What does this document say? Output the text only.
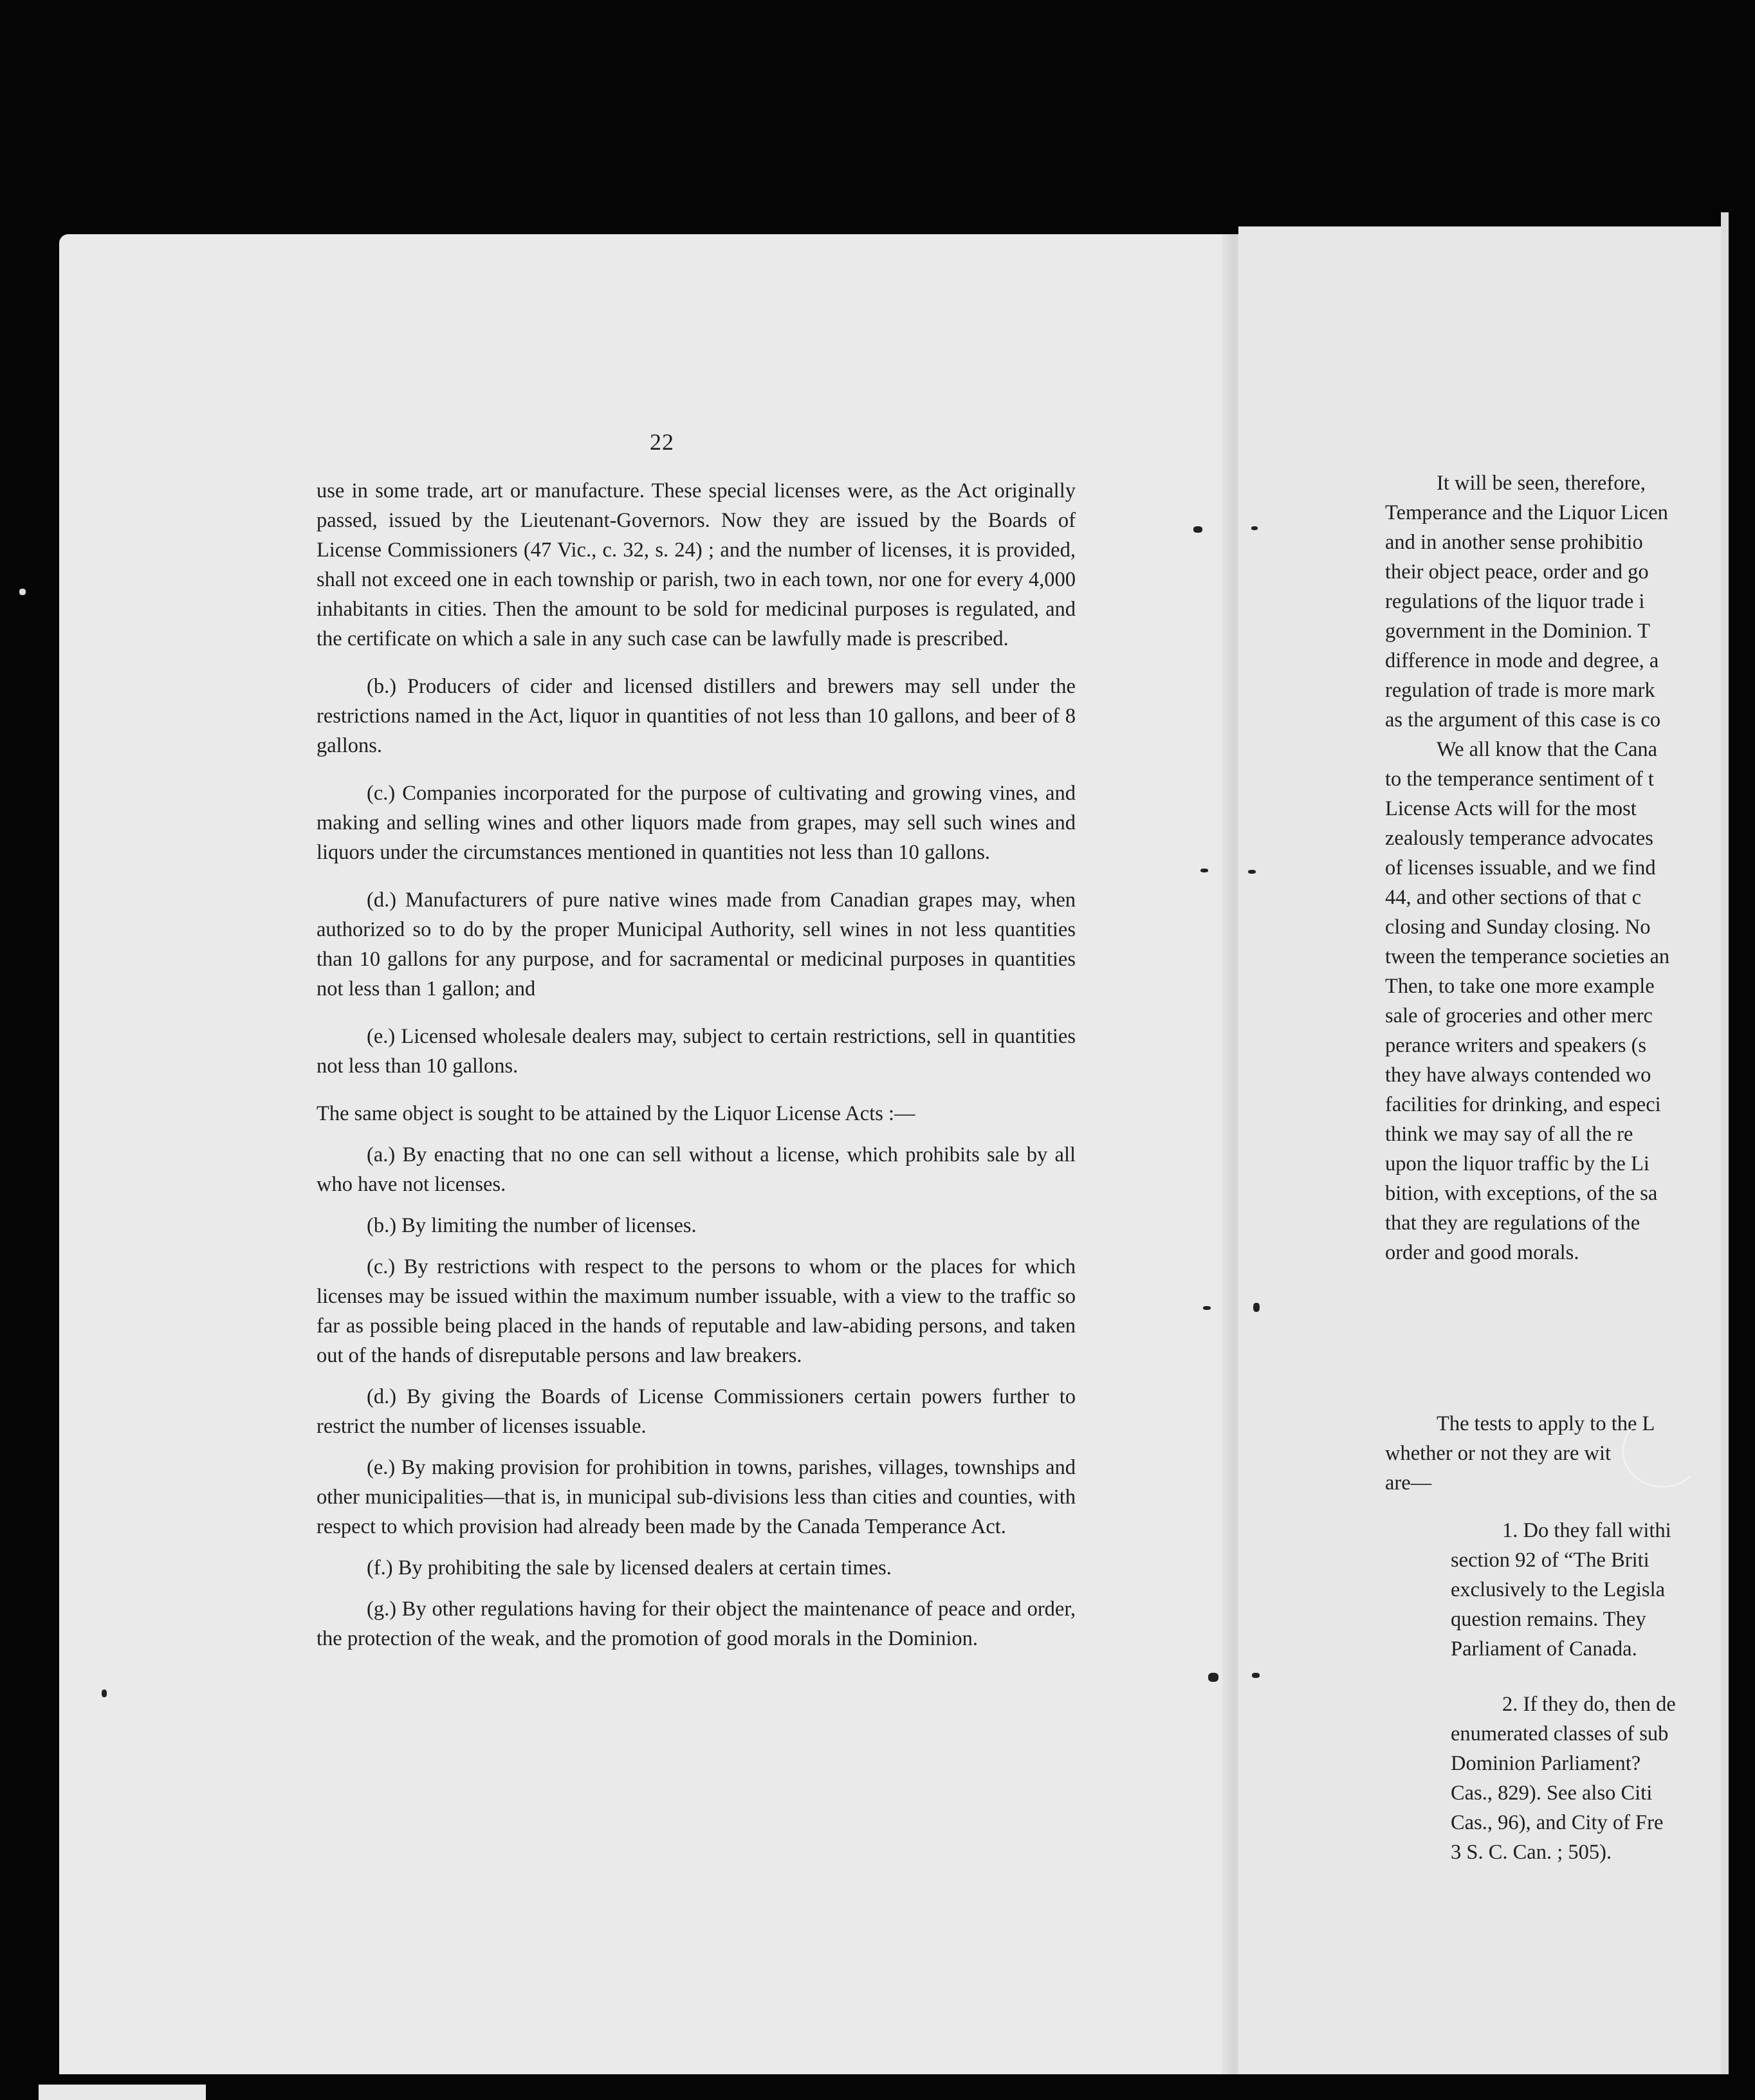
22

use in some trade, art or manufacture. These special licenses were, as the Act originally passed, issued by the Lieutenant-Governors. Now they are issued by the Boards of License Commissioners (47 Vic., c. 32, s. 24) ; and the number of licenses, it is provided, shall not exceed one in each township or parish, two in each town, nor one for every 4,000 inhabitants in cities. Then the amount to be sold for medicinal purposes is regulated, and the certificate on which a sale in any such case can be lawfully made is prescribed.

(b.) Producers of cider and licensed distillers and brewers may sell under the restrictions named in the Act, liquor in quantities of not less than 10 gallons, and beer of 8 gallons.

(c.) Companies incorporated for the purpose of cultivating and growing vines, and making and selling wines and other liquors made from grapes, may sell such wines and liquors under the circumstances mentioned in quantities not less than 10 gallons.

(d.) Manufacturers of pure native wines made from Canadian grapes may, when authorized so to do by the proper Municipal Authority, sell wines in not less quantities than 10 gallons for any purpose, and for sacramental or medicinal purposes in quantities not less than 1 gallon; and

(e.) Licensed wholesale dealers may, subject to certain restrictions, sell in quantities not less than 10 gallons.

The same object is sought to be attained by the Liquor License Acts :—

(a.) By enacting that no one can sell without a license, which prohibits sale by all who have not licenses.

(b.) By limiting the number of licenses.

(c.) By restrictions with respect to the persons to whom or the places for which licenses may be issued within the maximum number issuable, with a view to the traffic so far as possible being placed in the hands of reputable and law-abiding persons, and taken out of the hands of disreputable persons and law breakers.

(d.) By giving the Boards of License Commissioners certain powers further to restrict the number of licenses issuable.

(e.) By making provision for prohibition in towns, parishes, villages, townships and other municipalities—that is, in municipal sub-divisions less than cities and counties, with respect to which provision had already been made by the Canada Temperance Act.

(f.) By prohibiting the sale by licensed dealers at certain times.

(g.) By other regulations having for their object the maintenance of peace and order, the protection of the weak, and the promotion of good morals in the Dominion.

It will be seen, therefore,
Temperance and the Liquor Licen
and in another sense prohibitio
their object peace, order and go
regulations of the liquor trade i
government in the Dominion. T
difference in mode and degree, a
regulation of trade is more mark
as the argument of this case is co
We all know that the Cana
to the temperance sentiment of t
License Acts will for the most
zealously temperance advocates
of licenses issuable, and we find
44, and other sections of that c
closing and Sunday closing. No
tween the temperance societies an
Then, to take one more example
sale of groceries and other merc
perance writers and speakers (s
they have always contended wo
facilities for drinking, and especi
think we may say of all the re
upon the liquor traffic by the Li
bition, with exceptions, of the sa
that they are regulations of the
order and good morals.
The tests to apply to the L
whether or not they are wit
are—
1. Do they fall withi
section 92 of “The Briti
exclusively to the Legisla
question remains. They
Parliament of Canada.
2. If they do, then de
enumerated classes of sub
Dominion Parliament?
Cas., 829). See also Citi
Cas., 96), and City of Fre
3 S. C. Can. ; 505).
